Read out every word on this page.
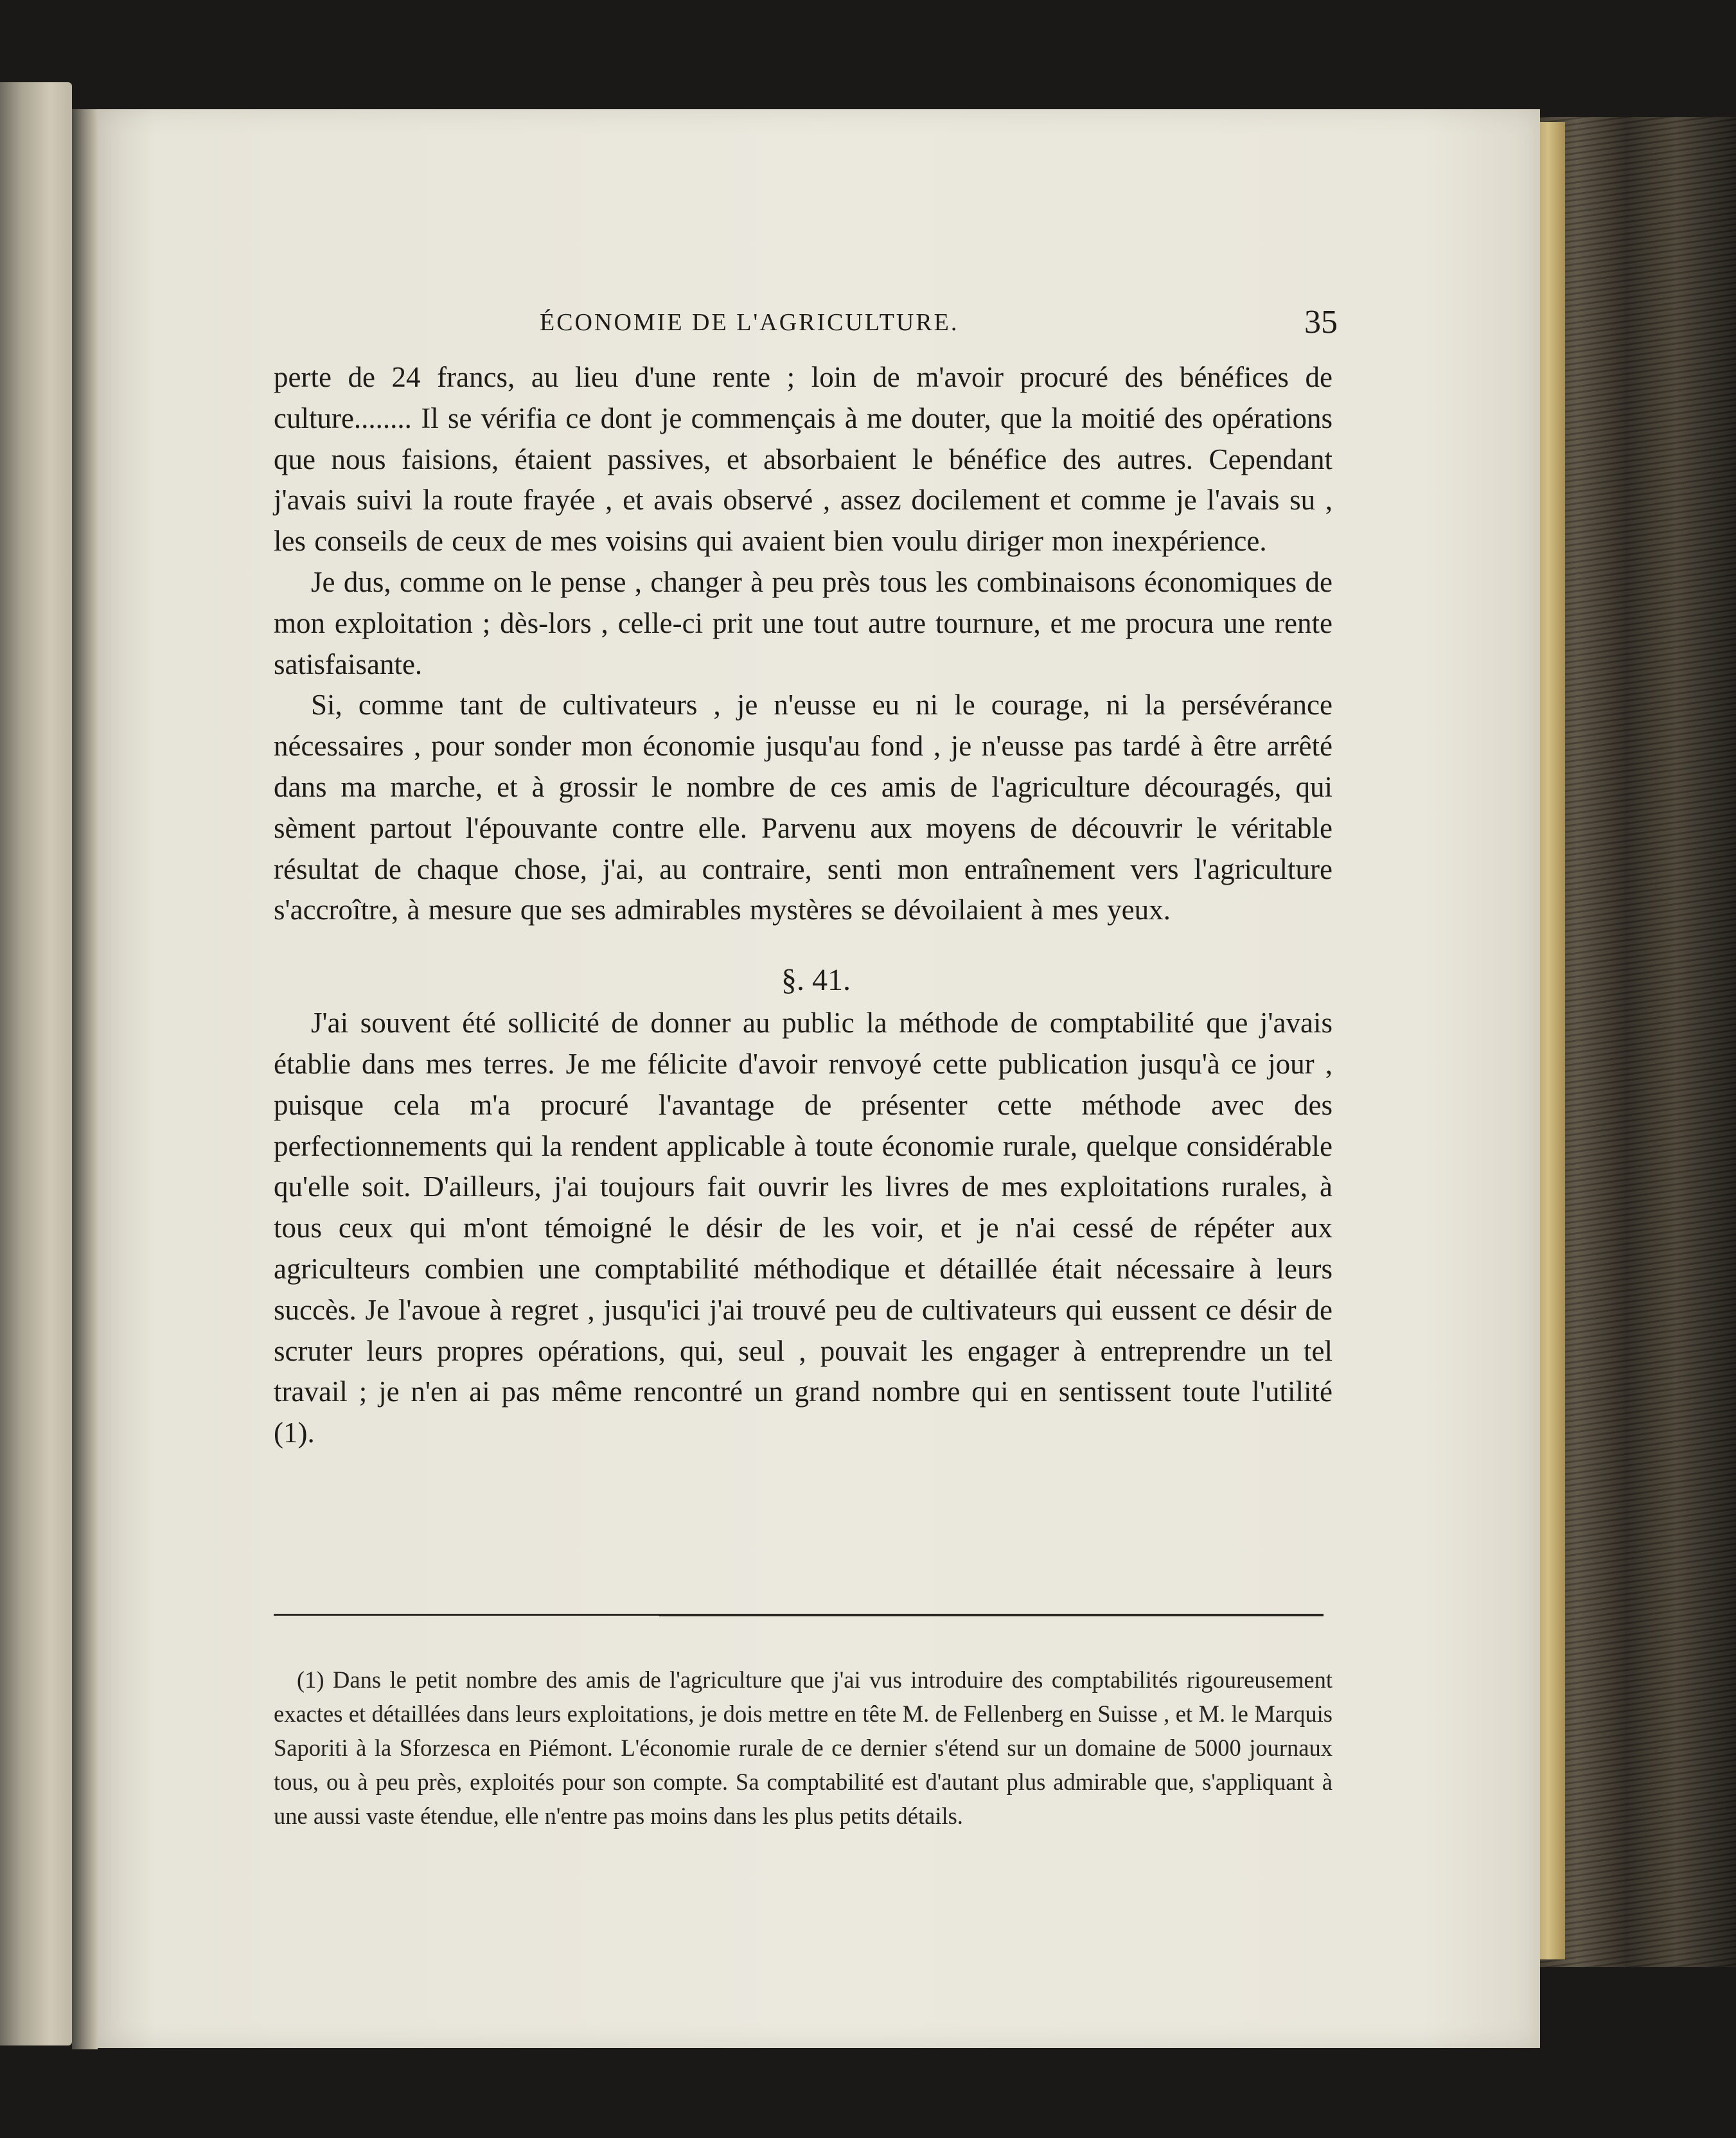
ÉCONOMIE DE L'AGRICULTURE.	35

perte de 24 francs, au lieu d'une rente ; loin de m'avoir procuré des bénéfices de culture........ Il se vérifia ce dont je commençais à me douter, que la moitié des opérations que nous faisions, étaient passives, et absorbaient le bénéfice des autres. Cependant j'avais suivi la route frayée , et avais observé , assez docilement et comme je l'avais su , les conseils de ceux de mes voisins qui avaient bien voulu diriger mon inexpérience.

Je dus, comme on le pense , changer à peu près tous les combinaisons économiques de mon exploitation ; dès-lors , celle-ci prit une tout autre tournure, et me procura une rente satisfaisante.

Si, comme tant de cultivateurs , je n'eusse eu ni le courage, ni la persévérance nécessaires , pour sonder mon économie jusqu'au fond , je n'eusse pas tardé à être arrêté dans ma marche, et à grossir le nombre de ces amis de l'agriculture découragés, qui sèment partout l'épouvante contre elle. Parvenu aux moyens de découvrir le véritable résultat de chaque chose, j'ai, au contraire, senti mon entraînement vers l'agriculture s'accroître, à mesure que ses admirables mystères se dévoilaient à mes yeux.

§. 41.

J'ai souvent été sollicité de donner au public la méthode de comptabilité que j'avais établie dans mes terres. Je me félicite d'avoir renvoyé cette publication jusqu'à ce jour , puisque cela m'a procuré l'avantage de présenter cette méthode avec des perfectionnements qui la rendent applicable à toute économie rurale, quelque considérable qu'elle soit. D'ailleurs, j'ai toujours fait ouvrir les livres de mes exploitations rurales, à tous ceux qui m'ont témoigné le désir de les voir, et je n'ai cessé de répéter aux agriculteurs combien une comptabilité méthodique et détaillée était nécessaire à leurs succès. Je l'avoue à regret , jusqu'ici j'ai trouvé peu de cultivateurs qui eussent ce désir de scruter leurs propres opérations, qui, seul , pouvait les engager à entreprendre un tel travail ; je n'en ai pas même rencontré un grand nombre qui en sentissent toute l'utilité (1).

(1) Dans le petit nombre des amis de l'agriculture que j'ai vus introduire des comptabilités rigoureusement exactes et détaillées dans leurs exploitations, je dois mettre en tête M. de Fellenberg en Suisse , et M. le Marquis Saporiti à la Sforzesca en Piémont. L'économie rurale de ce dernier s'étend sur un domaine de 5000 journaux tous, ou à peu près, exploités pour son compte. Sa comptabilité est d'autant plus admirable que, s'appliquant à une aussi vaste étendue, elle n'entre pas moins dans les plus petits détails.
